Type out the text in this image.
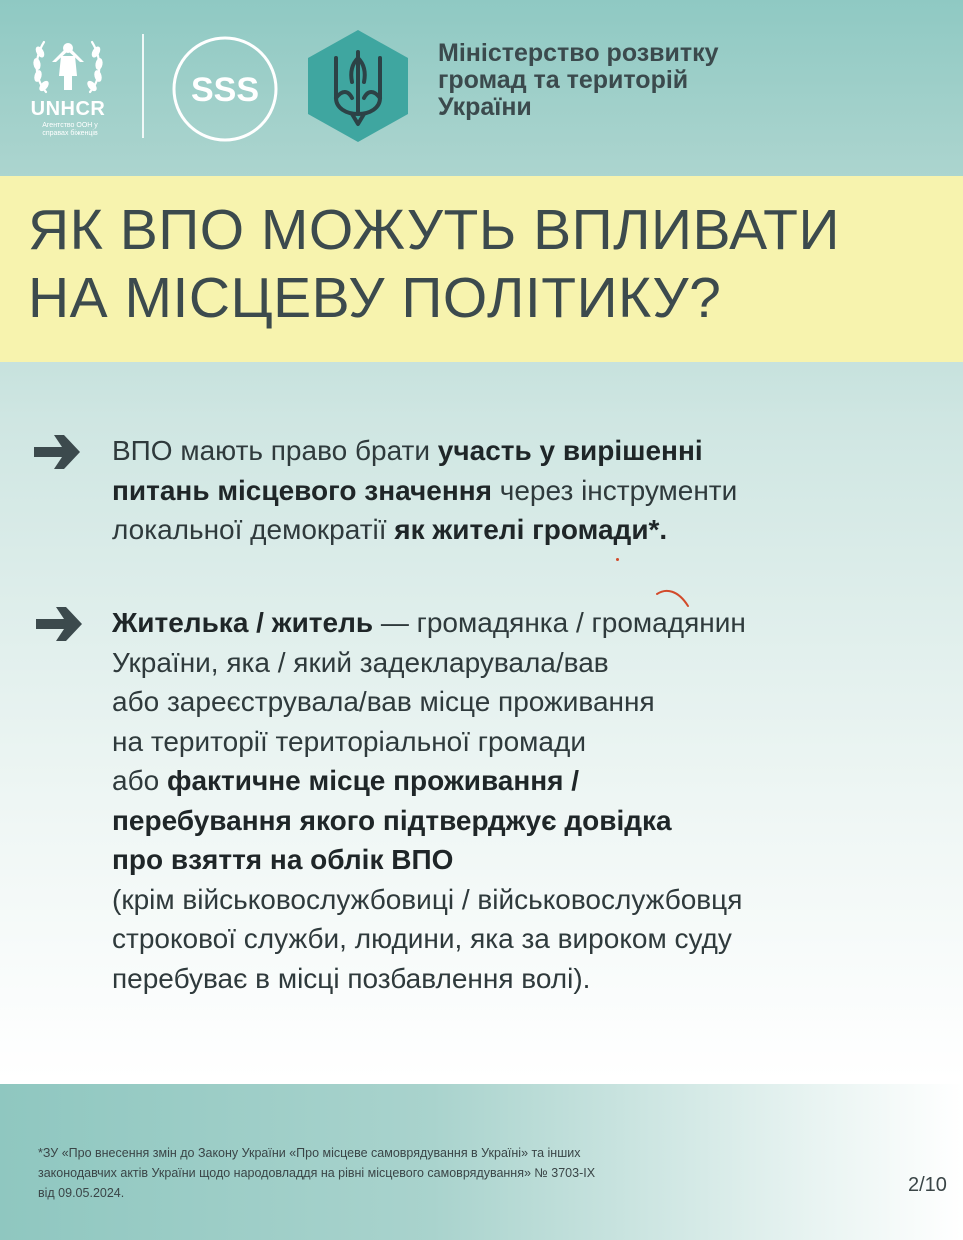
UNHCR
Агентство ООН у
справах біженців
SSS
Міністерство розвитку
громад та територій
України
ЯК ВПО МОЖУТЬ ВПЛИВАТИ
НА МІСЦЕВУ ПОЛІТИКУ?
ВПО мають право брати участь у вирішенні
питань місцевого значення через інструменти
локальної демократії як жителі громади*.
Жителька / житель — громадянка / громадянин
України, яка / який задекларувала/вав
або зареєструвала/вав місце проживання
на території територіальної громади
або фактичне місце проживання /
перебування якого підтверджує довідка
про взяття на облік ВПО
(крім військовослужбовиці / військовослужбовця
строкової служби, людини, яка за вироком суду
перебуває в місці позбавлення волі).
*ЗУ «Про внесення змін до Закону України «Про місцеве самоврядування в Україні» та інших
законодавчих актів України щодо народовладдя на рівні місцевого самоврядування» № 3703-IX
від 09.05.2024.	2/10
